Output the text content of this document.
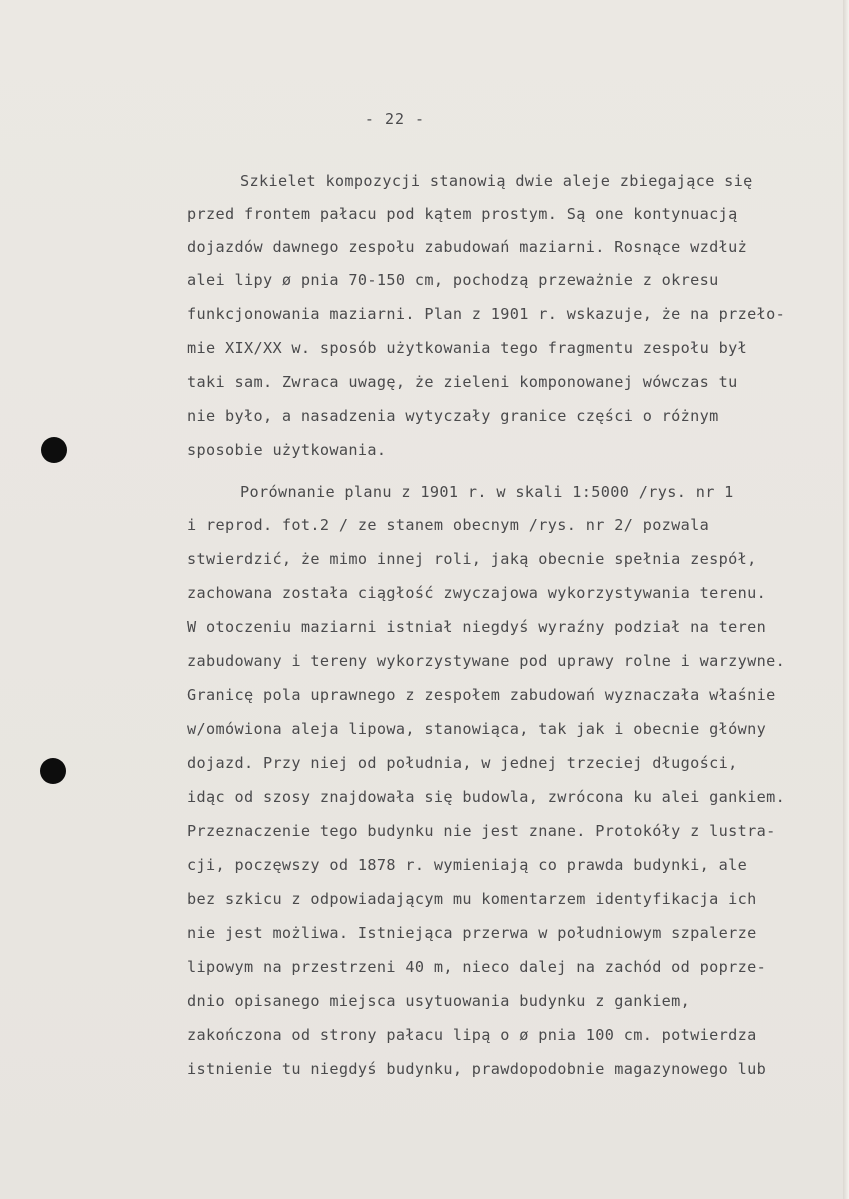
- 22 -
Szkielet kompozycji stanowią dwie aleje zbiegające się
przed frontem pałacu pod kątem prostym. Są one kontynuacją
dojazdów dawnego zespołu zabudowań maziarni. Rosnące wzdłuż
alei lipy ø pnia 70-150 cm, pochodzą przeważnie z okresu
funkcjonowania maziarni. Plan z 1901 r. wskazuje, że na przeło-
mie XIX/XX w. sposób użytkowania tego fragmentu zespołu był
taki sam. Zwraca uwagę, że zieleni komponowanej wówczas tu
nie było, a nasadzenia wytyczały granice części o różnym
sposobie użytkowania.
Porównanie planu z 1901 r. w skali 1:5000 /rys. nr 1
i reprod. fot.2 / ze stanem obecnym /rys. nr 2/ pozwala
stwierdzić, że mimo innej roli, jaką obecnie spełnia zespół,
zachowana została ciągłość zwyczajowa wykorzystywania terenu.
W otoczeniu maziarni istniał niegdyś wyraźny podział na teren
zabudowany i tereny wykorzystywane pod uprawy rolne i warzywne.
Granicę pola uprawnego z zespołem zabudowań wyznaczała właśnie
w/omówiona aleja lipowa, stanowiąca, tak jak i obecnie główny
dojazd. Przy niej od południa, w jednej trzeciej długości,
idąc od szosy znajdowała się budowla, zwrócona ku alei gankiem.
Przeznaczenie tego budynku nie jest znane. Protokóły z lustra-
cji, poczęwszy od 1878 r. wymieniają co prawda budynki, ale
bez szkicu z odpowiadającym mu komentarzem identyfikacja ich
nie jest możliwa. Istniejąca przerwa w południowym szpalerze
lipowym na przestrzeni 40 m, nieco dalej na zachód od poprze-
dnio opisanego miejsca usytuowania budynku z gankiem,
zakończona od strony pałacu lipą o ø pnia 100 cm. potwierdza
istnienie tu niegdyś budynku, prawdopodobnie magazynowego lub
